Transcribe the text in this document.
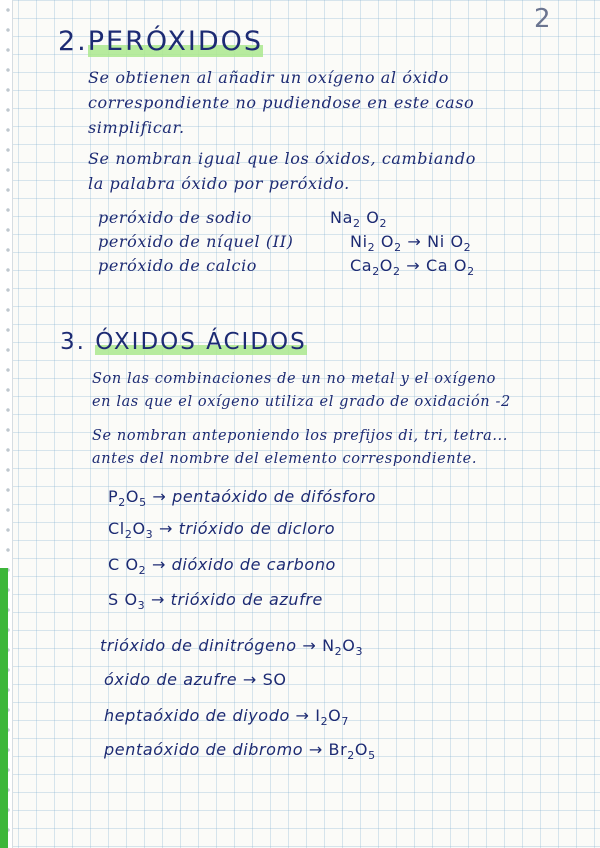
2
2.PERÓXIDOS
Se obtienen al añadir un oxígeno al óxido
correspondiente no pudiendose en este caso
simplificar.
Se nombran igual que los óxidos, cambiando
la palabra óxido por peróxido.
peróxido de sodio	$Na_2$ $O_2$
peróxido de níquel (II)	$Ni_2$ $O_2 \to Ni$ $O_2$
peróxido de calcio	$Ca_2O_2 \to Ca$ $O_2$
3. ÓXIDOS ÁCIDOS
Son las combinaciones de un no metal y el oxígeno
en las que el oxígeno utiliza el grado de oxidación -2
Se nombran anteponiendo los prefijos di, tri, tetra...
antes del nombre del elemento correspondiente.
$P_2O_5$ → pentaóxido de difósforo
$Cl_2O_3$ → trióxido de dicloro
C $O_2$ → dióxido de carbono
S $O_3$ → trióxido de azufre
trióxido de dinitrógeno → $N_2O_3$
óxido de azufre → SO
heptaóxido de diyodo → $I_2O_7$
pentaóxido de dibromo → $Br_2O_5$
